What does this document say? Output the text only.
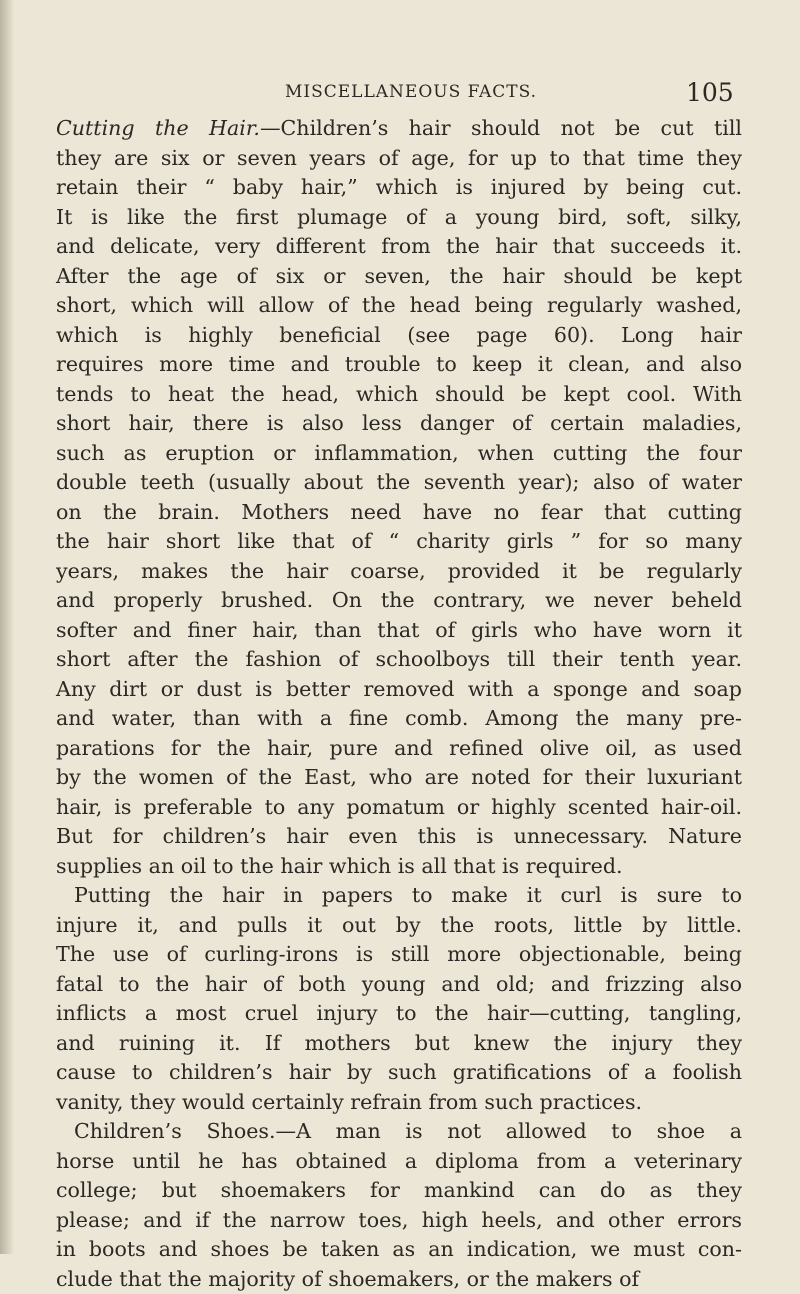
MISCELLANEOUS FACTS.	105
Cutting the Hair.—Children’s hair should not be cut till
they are six or seven years of age, for up to that time they
retain their “ baby hair,” which is injured by being cut.
It is like the first plumage of a young bird, soft, silky,
and delicate, very different from the hair that succeeds it.
After the age of six or seven, the hair should be kept
short, which will allow of the head being regularly washed,
which is highly beneficial (see page 60). Long hair
requires more time and trouble to keep it clean, and also
tends to heat the head, which should be kept cool. With
short hair, there is also less danger of certain maladies,
such as eruption or inflammation, when cutting the four
double teeth (usually about the seventh year); also of water
on the brain. Mothers need have no fear that cutting
the hair short like that of “ charity girls ” for so many
years, makes the hair coarse, provided it be regularly
and properly brushed. On the contrary, we never beheld
softer and finer hair, than that of girls who have worn it
short after the fashion of schoolboys till their tenth year.
Any dirt or dust is better removed with a sponge and soap
and water, than with a fine comb. Among the many pre-
parations for the hair, pure and refined olive oil, as used
by the women of the East, who are noted for their luxuriant
hair, is preferable to any pomatum or highly scented hair-oil.
But for children’s hair even this is unnecessary. Nature
supplies an oil to the hair which is all that is required.
Putting the hair in papers to make it curl is sure to
injure it, and pulls it out by the roots, little by little.
The use of curling-irons is still more objectionable, being
fatal to the hair of both young and old; and frizzing also
inflicts a most cruel injury to the hair—cutting, tangling,
and ruining it. If mothers but knew the injury they
cause to children’s hair by such gratifications of a foolish
vanity, they would certainly refrain from such practices.
Children’s Shoes.—A man is not allowed to shoe a
horse until he has obtained a diploma from a veterinary
college; but shoemakers for mankind can do as they
please; and if the narrow toes, high heels, and other errors
in boots and shoes be taken as an indication, we must con-
clude that the majority of shoemakers, or the makers of
